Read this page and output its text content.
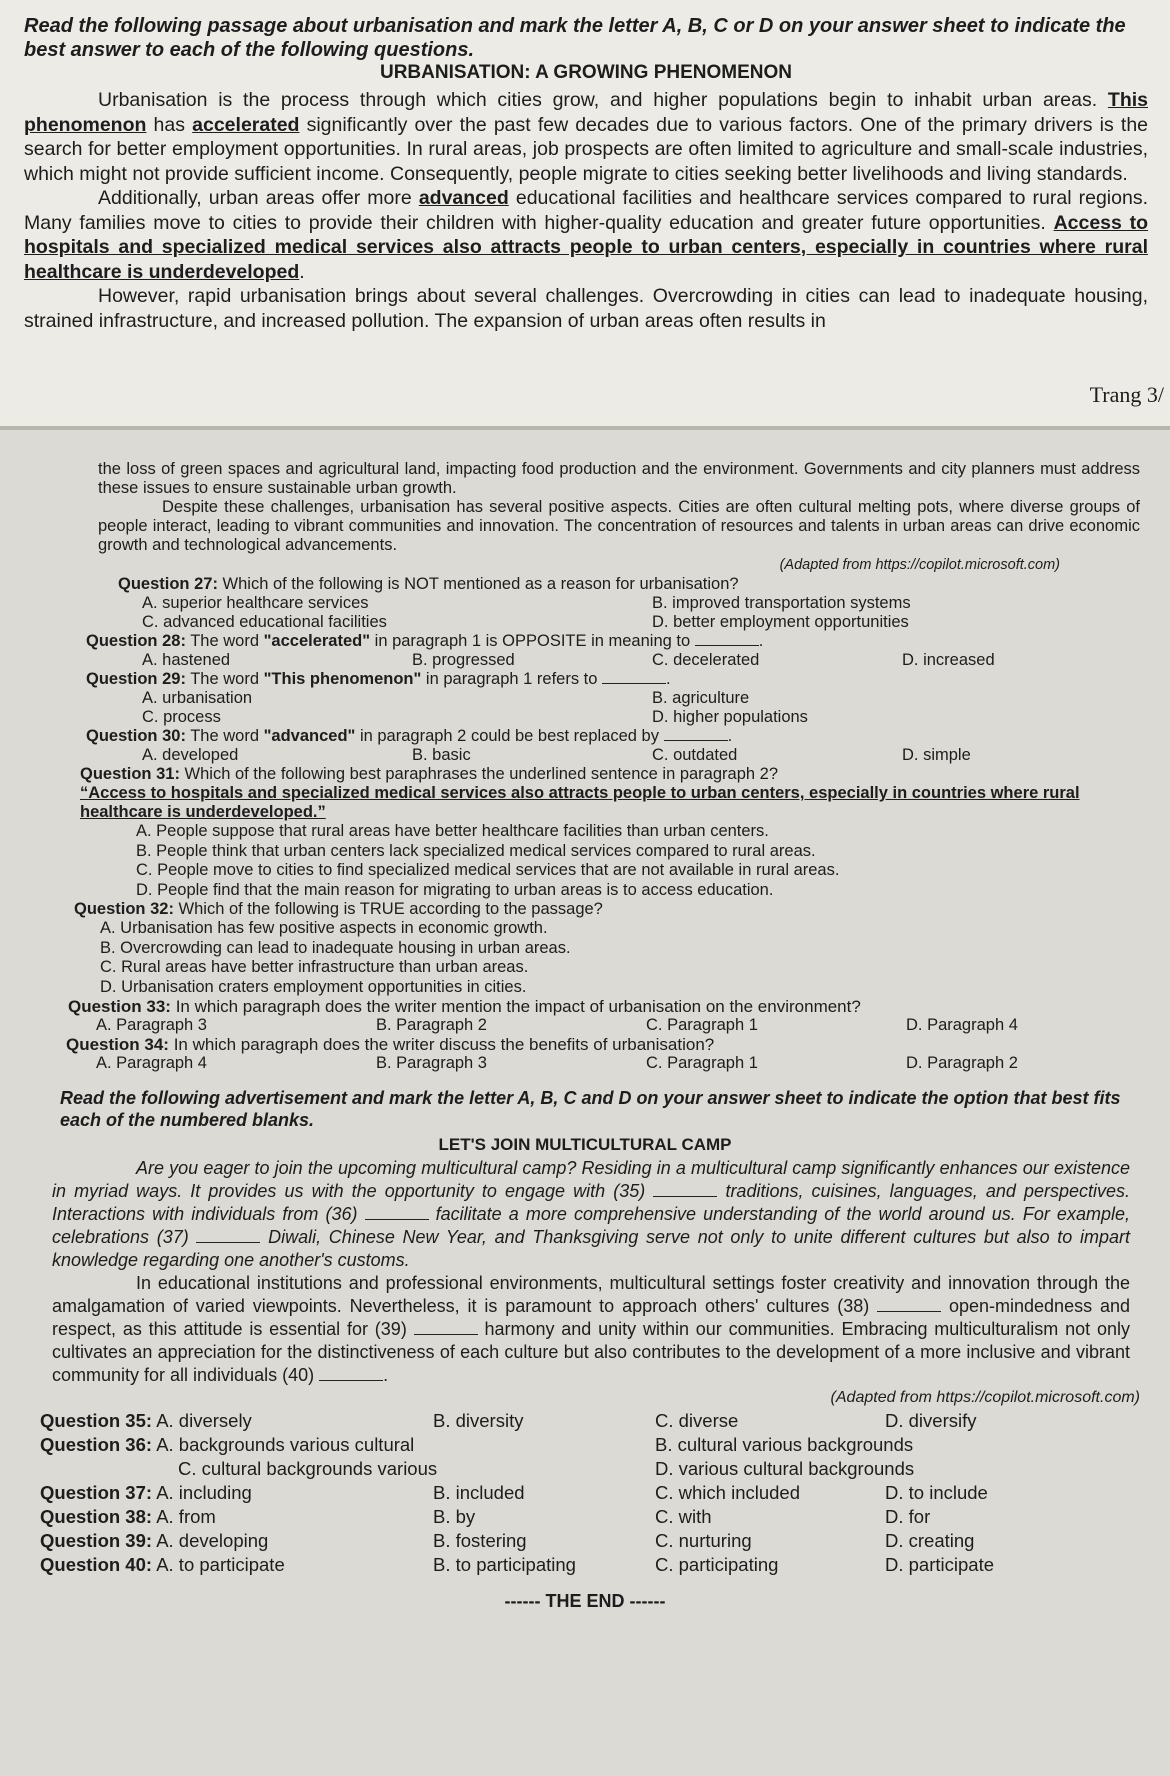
Read the following passage about urbanisation and mark the letter A, B, C or D on your answer sheet to indicate the best answer to each of the following questions.

URBANISATION: A GROWING PHENOMENON

Urbanisation is the process through which cities grow, and higher populations begin to inhabit urban areas. This phenomenon has accelerated significantly over the past few decades due to various factors. One of the primary drivers is the search for better employment opportunities. In rural areas, job prospects are often limited to agriculture and small-scale industries, which might not provide sufficient income. Consequently, people migrate to cities seeking better livelihoods and living standards.

Additionally, urban areas offer more advanced educational facilities and healthcare services compared to rural regions. Many families move to cities to provide their children with higher-quality education and greater future opportunities. Access to hospitals and specialized medical services also attracts people to urban centers, especially in countries where rural healthcare is underdeveloped.

However, rapid urbanisation brings about several challenges. Overcrowding in cities can lead to inadequate housing, strained infrastructure, and increased pollution. The expansion of urban areas often results in

Trang 3/

the loss of green spaces and agricultural land, impacting food production and the environment. Governments and city planners must address these issues to ensure sustainable urban growth.

Despite these challenges, urbanisation has several positive aspects. Cities are often cultural melting pots, where diverse groups of people interact, leading to vibrant communities and innovation. The concentration of resources and talents in urban areas can drive economic growth and technological advancements.

(Adapted from https://copilot.microsoft.com)

Question 27: Which of the following is NOT mentioned as a reason for urbanisation?
A. superior healthcare services	B. improved transportation systems
C. advanced educational facilities	D. better employment opportunities
Question 28: The word "accelerated" in paragraph 1 is OPPOSITE in meaning to	.
A. hastened	B. progressed	C. decelerated	D. increased
Question 29: The word "This phenomenon" in paragraph 1 refers to	.
A. urbanisation	B. agriculture
C. process	D. higher populations
Question 30: The word "advanced" in paragraph 2 could be best replaced by	.
A. developed	B. basic	C. outdated	D. simple
Question 31: Which of the following best paraphrases the underlined sentence in paragraph 2?
“Access to hospitals and specialized medical services also attracts people to urban centers, especially in countries where rural healthcare is underdeveloped.”
A. People suppose that rural areas have better healthcare facilities than urban centers.
B. People think that urban centers lack specialized medical services compared to rural areas.
C. People move to cities to find specialized medical services that are not available in rural areas.
D. People find that the main reason for migrating to urban areas is to access education.
Question 32: Which of the following is TRUE according to the passage?
A. Urbanisation has few positive aspects in economic growth.
B. Overcrowding can lead to inadequate housing in urban areas.
C. Rural areas have better infrastructure than urban areas.
D. Urbanisation craters employment opportunities in cities.
Question 33: In which paragraph does the writer mention the impact of urbanisation on the environment?
A. Paragraph 3	B. Paragraph 2	C. Paragraph 1	D. Paragraph 4
Question 34: In which paragraph does the writer discuss the benefits of urbanisation?
A. Paragraph 4	B. Paragraph 3	C. Paragraph 1	D. Paragraph 2

Read the following advertisement and mark the letter A, B, C and D on your answer sheet to indicate the option that best fits each of the numbered blanks.

LET'S JOIN MULTICULTURAL CAMP

Are you eager to join the upcoming multicultural camp? Residing in a multicultural camp significantly enhances our existence in myriad ways. It provides us with the opportunity to engage with (35)	traditions, cuisines, languages, and perspectives. Interactions with individuals from (36)	facilitate a more comprehensive understanding of the world around us. For example, celebrations (37)	Diwali, Chinese New Year, and Thanksgiving serve not only to unite different cultures but also to impart knowledge regarding one another's customs.

In educational institutions and professional environments, multicultural settings foster creativity and innovation through the amalgamation of varied viewpoints. Nevertheless, it is paramount to approach others' cultures (38)	open-mindedness and respect, as this attitude is essential for (39)	harmony and unity within our communities. Embracing multiculturalism not only cultivates an appreciation for the distinctiveness of each culture but also contributes to the development of a more inclusive and vibrant community for all individuals (40)	.

(Adapted from https://copilot.microsoft.com)

Question 35: A. diversely	B. diversity	C. diverse	D. diversify
Question 36: A. backgrounds various cultural	B. cultural various backgrounds
C. cultural backgrounds various	D. various cultural backgrounds
Question 37: A. including	B. included	C. which included	D. to include
Question 38: A. from	B. by	C. with	D. for
Question 39: A. developing	B. fostering	C. nurturing	D. creating
Question 40: A. to participate	B. to participating	C. participating	D. participate
------ THE END ------
